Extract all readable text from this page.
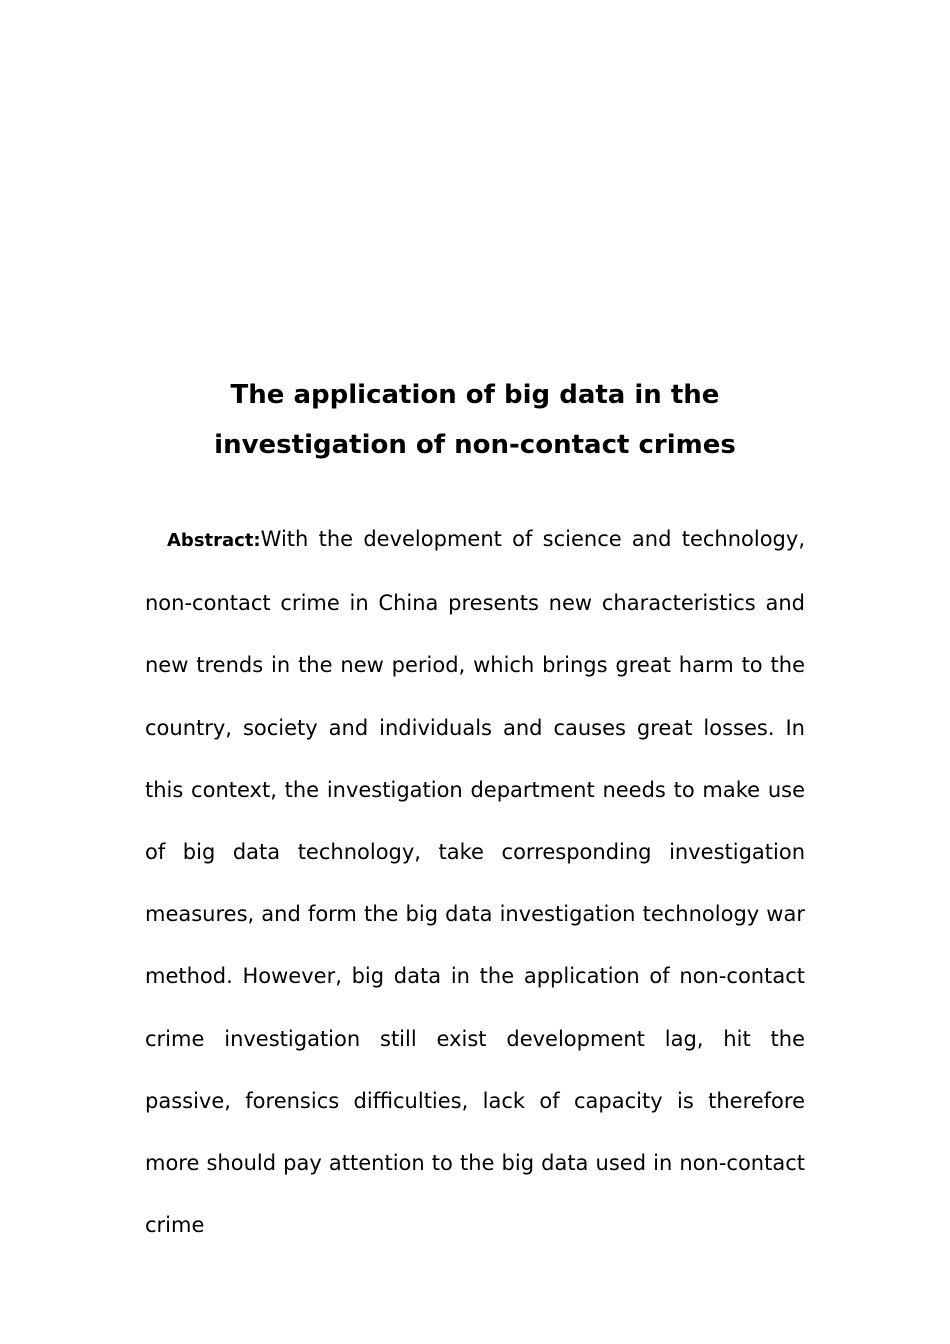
The application of big data in the
investigation of non-contact crimes

Abstract:With the development of science and technology, non-contact crime in China presents new characteristics and new trends in the new period, which brings great harm to the country, society and individuals and causes great losses. In this context, the investigation department needs to make use of big data technology, take corresponding investigation measures, and form the big data investigation technology war method. However, big data in the application of non-contact crime investigation still exist development lag, hit the passive, forensics difficulties, lack of capacity is therefore more should pay attention to the big data used in non-contact crime
